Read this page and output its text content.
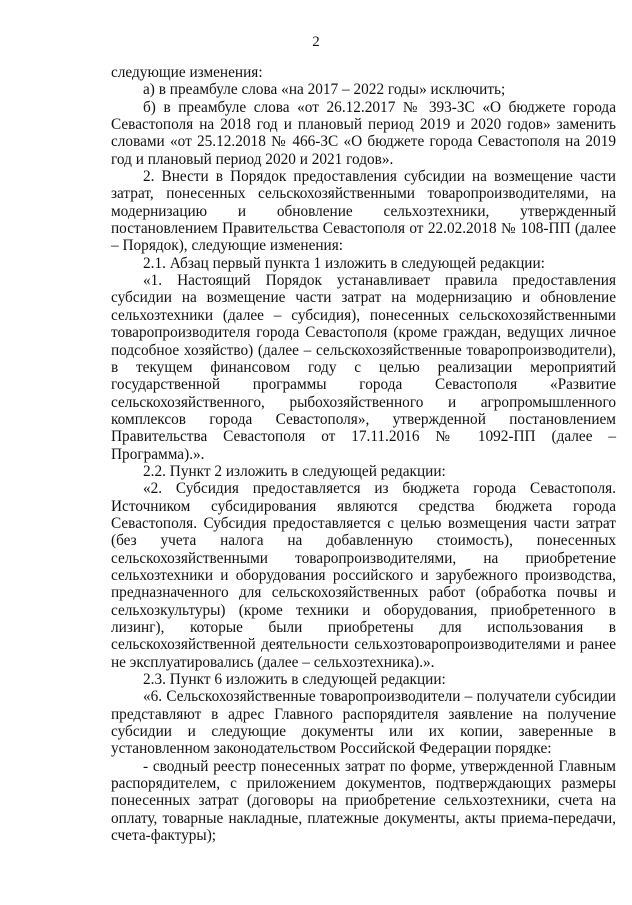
2

следующие изменения:

а) в преамбуле слова «на 2017 – 2022 годы» исключить;

б) в преамбуле слова «от 26.12.2017 № 393-ЗС «О бюджете города Севастополя на 2018 год и плановый период 2019 и 2020 годов» заменить словами «от 25.12.2018 № 466-ЗС «О бюджете города Севастополя на 2019 год и плановый период 2020 и 2021 годов».

2. Внести в Порядок предоставления субсидии на возмещение части затрат, понесенных сельскохозяйственными товаропроизводителями, на модернизацию и обновление сельхозтехники, утвержденный постановлением Правительства Севастополя от 22.02.2018 № 108-ПП (далее – Порядок), следующие изменения:

2.1. Абзац первый пункта 1 изложить в следующей редакции:

«1. Настоящий Порядок устанавливает правила предоставления субсидии на возмещение части затрат на модернизацию и обновление сельхозтехники (далее – субсидия), понесенных сельскохозяйственными товаропроизводителя города Севастополя (кроме граждан, ведущих личное подсобное хозяйство) (далее – сельскохозяйственные товаропроизводители), в текущем финансовом году с целью реализации мероприятий государственной программы города Севастополя «Развитие сельскохозяйственного, рыбохозяйственного и агропромышленного комплексов города Севастополя», утвержденной постановлением Правительства Севастополя от 17.11.2016 № 1092-ПП (далее – Программа).».

2.2. Пункт 2 изложить в следующей редакции:

«2. Субсидия предоставляется из бюджета города Севастополя. Источником субсидирования являются средства бюджета города Севастополя. Субсидия предоставляется с целью возмещения части затрат (без учета налога на добавленную стоимость), понесенных сельскохозяйственными товаропроизводителями, на приобретение сельхозтехники и оборудования российского и зарубежного производства, предназначенного для сельскохозяйственных работ (обработка почвы и сельхозкультуры) (кроме техники и оборудования, приобретенного в лизинг), которые были приобретены для использования в сельскохозяйственной деятельности сельхозтоваропроизводителями и ранее не эксплуатировались (далее – сельхозтехника).».

2.3. Пункт 6 изложить в следующей редакции:

«6. Сельскохозяйственные товаропроизводители – получатели субсидии представляют в адрес Главного распорядителя заявление на получение субсидии и следующие документы или их копии, заверенные в установленном законодательством Российской Федерации порядке:

- сводный реестр понесенных затрат по форме, утвержденной Главным распорядителем, с приложением документов, подтверждающих размеры понесенных затрат (договоры на приобретение сельхозтехники, счета на оплату, товарные накладные, платежные документы, акты приема-передачи, счета-фактуры);
